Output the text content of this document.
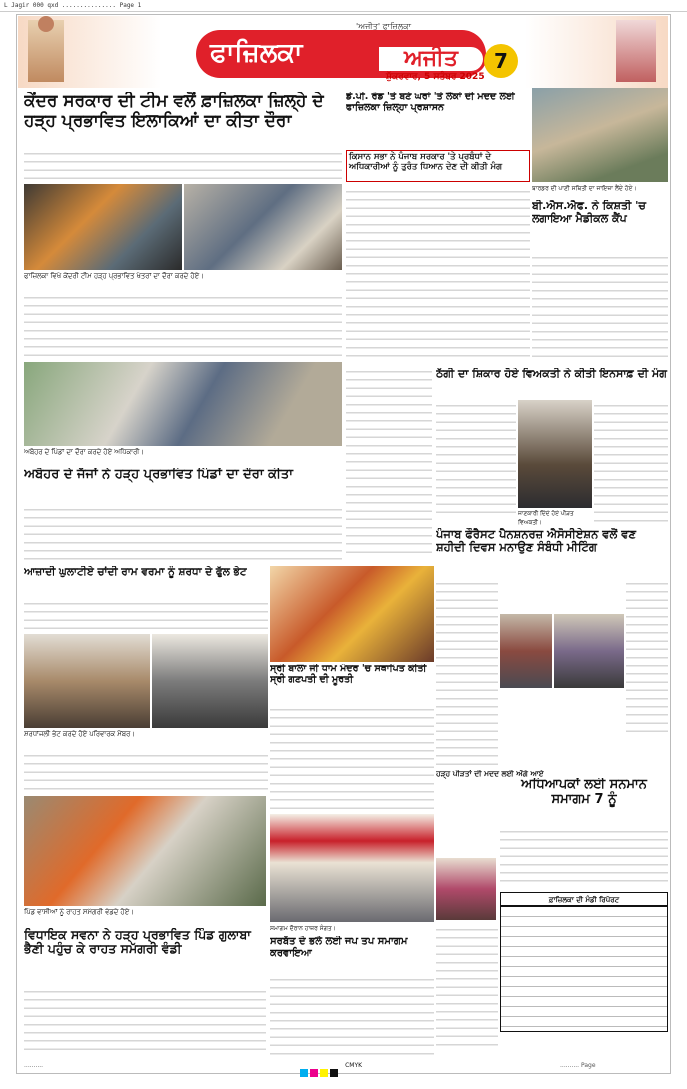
L Jagir 000 qxd ............... Page 1
ਫਾਜ਼ਿਲਕਾ	ਅਜੀਤ
'ਅਜੀਤ' ਫਾਜ਼ਿਲਕਾ
ਸ਼ੁੱਕਰਵਾਰ, 5 ਸਤੰਬਰ 2025
7
ਕੇਂਦਰ ਸਰਕਾਰ ਦੀ ਟੀਮ ਵਲੋਂ ਫ਼ਾਜ਼ਿਲਕਾ ਜ਼ਿਲ੍ਹੇ ਦੇ ਹੜ੍ਹ ਪ੍ਰਭਾਵਿਤ ਇਲਾਕਿਆਂ ਦਾ ਕੀਤਾ ਦੌਰਾ
ਫਾਜ਼ਿਲਕਾ ਵਿਖੇ ਕੇਂਦਰੀ ਟੀਮ ਹੜ੍ਹ ਪ੍ਰਭਾਵਿਤ ਖੇਤਰਾਂ ਦਾ ਦੌਰਾ ਕਰਦੇ ਹੋਏ।
ਡੇ.ਪੀ. ਰੋਡ 'ਤੇ ਬਣੇ ਘਰਾਂ 'ਤੇ ਲੋਕਾਂ ਦੀ ਮਦਦ ਲਈ ਫਾਜ਼ਿਲਕਾ ਜ਼ਿਲ੍ਹਾ ਪ੍ਰਸ਼ਾਸਨ
ਬਾਰਡਰ ਦੀ ਪਾਣੀ ਸਥਿਤੀ ਦਾ ਜਾਇਜ਼ਾ ਲੈਂਦੇ ਹੋਏ।
ਕਿਸਾਨ ਸਭਾ ਨੇ ਪੰਜਾਬ ਸਰਕਾਰ 'ਤੇ ਪ੍ਰਬੰਧਾਂ ਦੇ ਅਧਿਕਾਰੀਆਂ ਨੂੰ ਤੁਰੰਤ ਧਿਆਨ ਦੇਣ ਦੀ ਕੀਤੀ ਮੰਗ
ਬੀ.ਐਸ.ਐਫ. ਨੇ ਕਿਸ਼ਤੀ 'ਚ ਲਗਾਇਆ ਮੈਡੀਕਲ ਕੈਂਪ
ਅਬੋਹਰ ਦੇ ਪਿੰਡਾਂ ਦਾ ਦੌਰਾ ਕਰਦੇ ਹੋਏ ਅਧਿਕਾਰੀ।
ਅਬੋਹਰ ਦੇ ਜੱਜਾਂ ਨੇ ਹੜ੍ਹ ਪ੍ਰਭਾਵਿਤ ਪਿੰਡਾਂ ਦਾ ਦੌਰਾ ਕੀਤਾ
ਠੱਗੀ ਦਾ ਸ਼ਿਕਾਰ ਹੋਏ ਵਿਅਕਤੀ ਨੇ ਕੀਤੀ ਇਨਸਾਫ਼ ਦੀ ਮੰਗ
ਜਾਣਕਾਰੀ ਦਿੰਦੇ ਹੋਏ ਪੀੜਤ ਵਿਅਕਤੀ।
ਪੰਜਾਬ ਫੌਰੈਸਟ ਪੈਨਸ਼ਨਰਜ਼ ਐਸੋਸੀਏਸ਼ਨ ਵਲੋਂ ਵਣ ਸ਼ਹੀਦੀ ਦਿਵਸ ਮਨਾਉਣ ਸੰਬੰਧੀ ਮੀਟਿੰਗ
ਆਜ਼ਾਦੀ ਘੁਲਾਟੀਏ ਚਾਂਦੀ ਰਾਮ ਵਰਮਾ ਨੂੰ ਸ਼ਰਧਾ ਦੇ ਫੁੱਲ ਭੇਟ
ਸ਼ਰਧਾਂਜਲੀ ਭੇਟ ਕਰਦੇ ਹੋਏ ਪਰਿਵਾਰਕ ਮੈਂਬਰ।
ਸ੍ਰੀ ਬਾਲਾ ਜੀ ਧਾਮ ਮੰਦਰ 'ਚ ਸਥਾਪਿਤ ਕੀਤੀ ਸ੍ਰੀ ਗਣਪਤੀ ਦੀ ਮੂਰਤੀ
ਹੜ੍ਹ ਪੀੜਤਾਂ ਦੀ ਮਦਦ ਲਈ ਅੱਗੇ ਆਏ
ਅਧਿਆਪਕਾਂ ਲਈ ਸਨਮਾਨ ਸਮਾਗਮ 7 ਨੂੰ
ਫ਼ਾਜ਼ਿਲਕਾ ਦੀ ਮੰਡੀ ਰਿਪੋਰਟ
ਪਿੰਡ ਵਾਸੀਆਂ ਨੂੰ ਰਾਹਤ ਸਮੱਗਰੀ ਵੰਡਦੇ ਹੋਏ।
ਵਿਧਾਇਕ ਸਵਨਾ ਨੇ ਹੜ੍ਹ ਪ੍ਰਭਾਵਿਤ ਪਿੰਡ ਗੁਲਾਬਾ ਭੈਣੀ ਪਹੁੰਚ ਕੇ ਰਾਹਤ ਸਮੱਗਰੀ ਵੰਡੀ
ਸਮਾਗਮ ਦੌਰਾਨ ਹਾਜ਼ਰ ਸੰਗਤ।
ਸਰਬੱਤ ਦੇ ਭਲੇ ਲਈ ਜਪ ਤਪ ਸਮਾਗਮ ਕਰਵਾਇਆ
..........	$^{CMYK}$	.......... Page
